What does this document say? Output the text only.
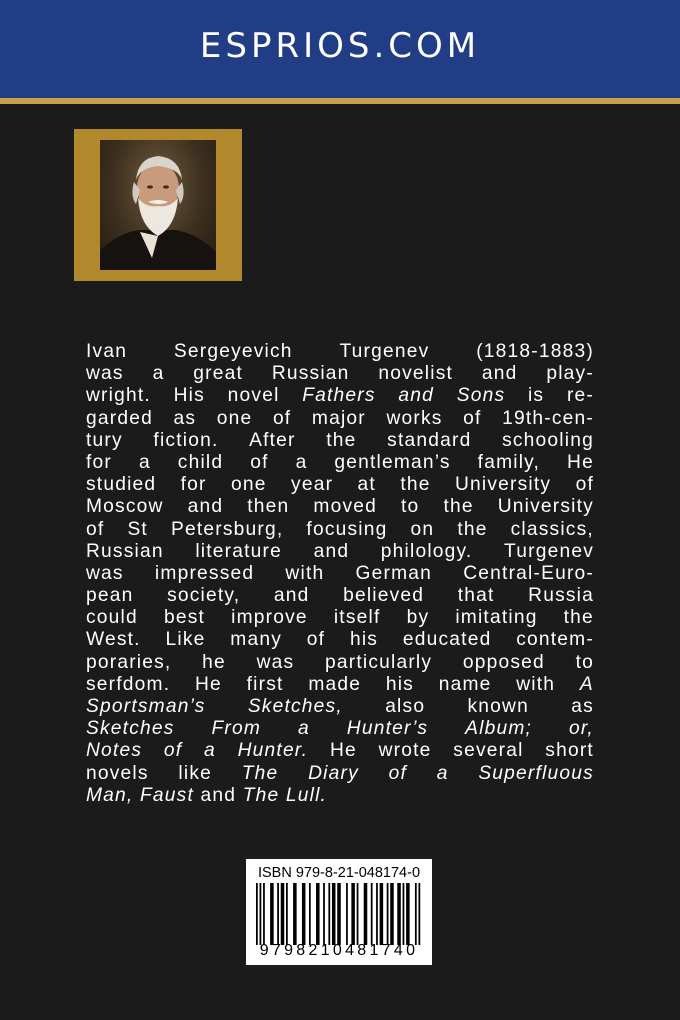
ESPRIOS.COM
Ivan Sergeyevich Turgenev (1818-1883)
was a great Russian novelist and play-
wright. His novel Fathers and Sons is re-
garded as one of major works of 19th-cen-
tury fiction. After the standard schooling
for a child of a gentleman’s family, He
studied for one year at the University of
Moscow and then moved to the University
of St Petersburg, focusing on the classics,
Russian literature and philology. Turgenev
was impressed with German Central-Euro-
pean society, and believed that Russia
could best improve itself by imitating the
West. Like many of his educated contem-
poraries, he was particularly opposed to
serfdom. He first made his name with A
Sportsman’s Sketches, also known as
Sketches From a Hunter’s Album; or,
Notes of a Hunter. He wrote several short
novels like The Diary of a Superfluous
Man, Faust and The Lull.
ISBN 979-8-21-048174-0
9798210481740
